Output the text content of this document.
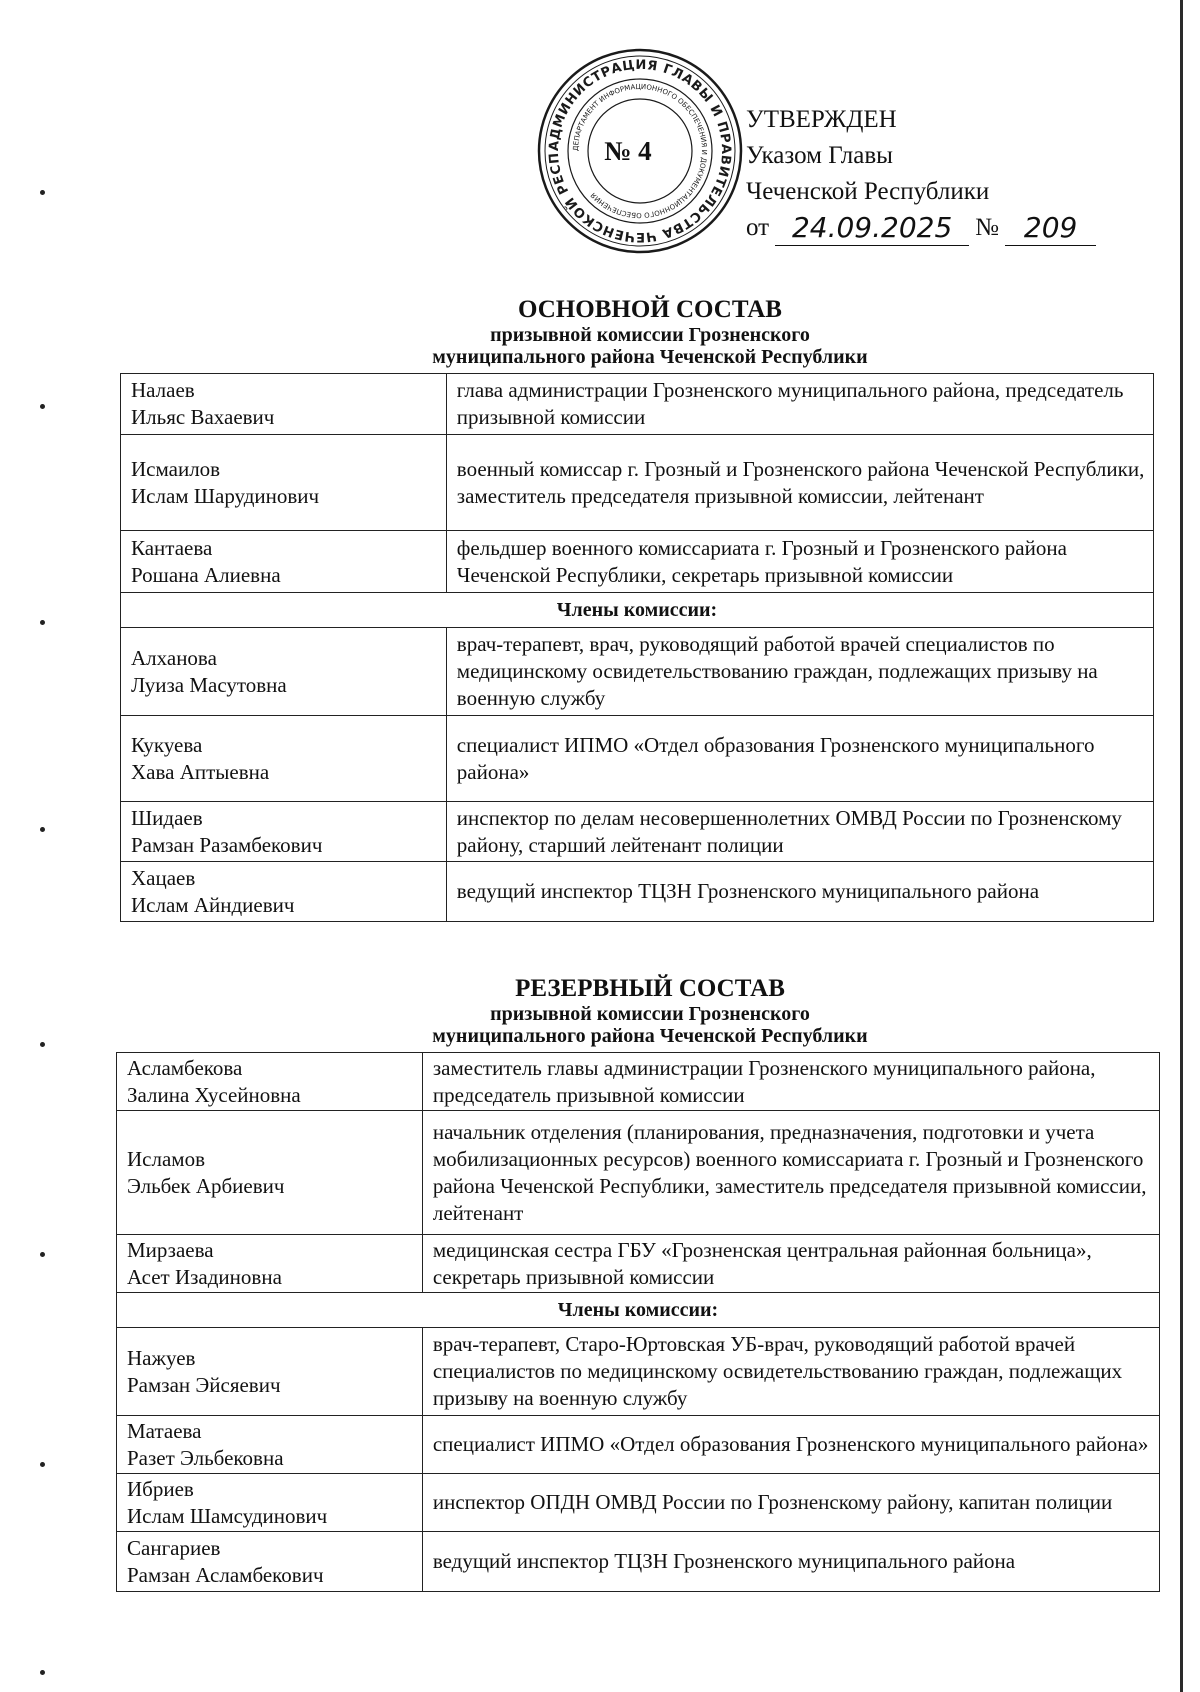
АДМИНИСТРАЦИЯ ГЛАВЫ И ПРАВИТЕЛЬСТВА ЧЕЧЕНСКОЙ РЕСП
ДЕПАРТАМЕНТ ИНФОРМАЦИОННОГО ОБЕСПЕЧЕНИЯ И ДОКУМЕНТАЦИОННОГО ОБЕСПЕЧЕНИЯ
№ 4
УТВЕРЖДЕН
Указом Главы
Чеченской Республики
от
24.09.2025
№
209
ОСНОВНОЙ СОСТАВ
призывной комиссии Грозненского
муниципального района Чеченской Республики
Налаев
Ильяс Вахаевич	глава администрации Грозненского муниципального района, председатель призывной комиссии

Исмаилов
Ислам Шарудинович	военный комиссар г. Грозный и Грозненского района Чеченской Республики, заместитель председателя призывной комиссии, лейтенант

Кантаева
Рошана Алиевна	фельдшер военного комиссариата г. Грозный и Грозненского района Чеченской Республики, секретарь призывной комиссии
Члены комиссии:	

Алханова
Луиза Масутовна	врач-терапевт, врач, руководящий работой врачей специалистов по медицинскому освидетельствованию граждан, подлежащих призыву на военную службу

Кукуева
Хава Аптыевна	специалист ИПМО «Отдел образования Грозненского муниципального района»

Шидаев
Рамзан Разамбекович	инспектор по делам несовершеннолетних ОМВД России по Грозненскому району, старший лейтенант полиции

Хацаев
Ислам Айндиевич	ведущий инспектор ТЦЗН Грозненского муниципального района
РЕЗЕРВНЫЙ СОСТАВ
призывной комиссии Грозненского
муниципального района Чеченской Республики
Асламбекова
Залина Хусейновна	заместитель главы администрации Грозненского муниципального района, председатель призывной комиссии

Исламов
Эльбек Арбиевич	начальник отделения (планирования, предназначения, подготовки и учета мобилизационных ресурсов) военного комиссариата г. Грозный и Грозненского района Чеченской Республики, заместитель председателя призывной комиссии, лейтенант

Мирзаева
Асет Изадиновна	медицинская сестра ГБУ «Грозненская центральная районная больница», секретарь призывной комиссии
Члены комиссии:	

Нажуев
Рамзан Эйсяевич	врач-терапевт, Старо-Юртовская УБ-врач, руководящий работой врачей специалистов по медицинскому освидетельствованию граждан, подлежащих призыву на военную службу

Матаева
Разет Эльбековна	специалист ИПМО «Отдел образования Грозненского муниципального района»

Ибриев
Ислам Шамсудинович	инспектор ОПДН ОМВД России по Грозненскому району, капитан полиции

Сангариев
Рамзан Асламбекович	ведущий инспектор ТЦЗН Грозненского муниципального района
